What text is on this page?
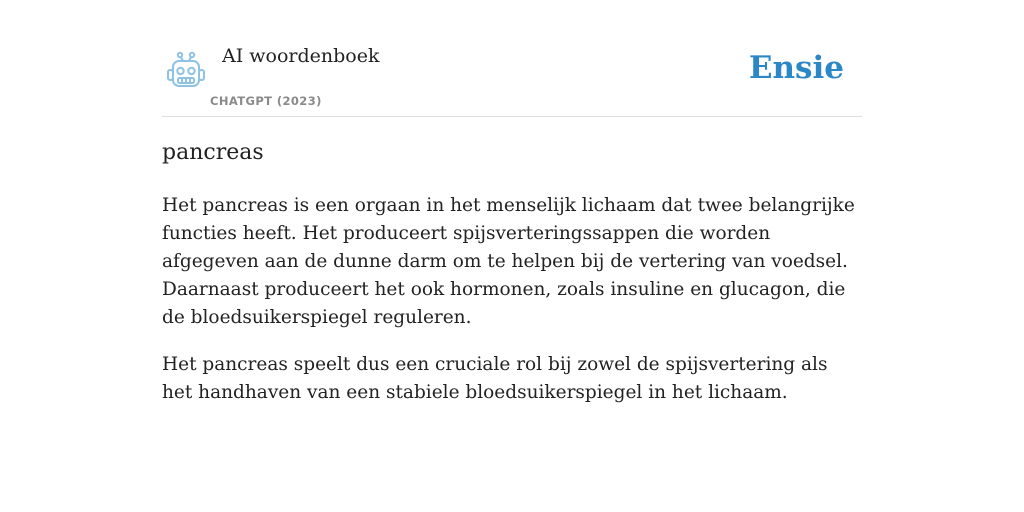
AI woordenboek
CHATGPT (2023)
Ensie
pancreas

Het pancreas is een orgaan in het menselijk lichaam dat twee belangrijke functies heeft. Het produceert spijsverteringssappen die worden afgegeven aan de dunne darm om te helpen bij de vertering van voedsel. Daarnaast produceert het ook hormonen, zoals insuline en glucagon, die de bloedsuikerspiegel reguleren.

Het pancreas speelt dus een cruciale rol bij zowel de spijsvertering als het handhaven van een stabiele bloedsuikerspiegel in het lichaam.
